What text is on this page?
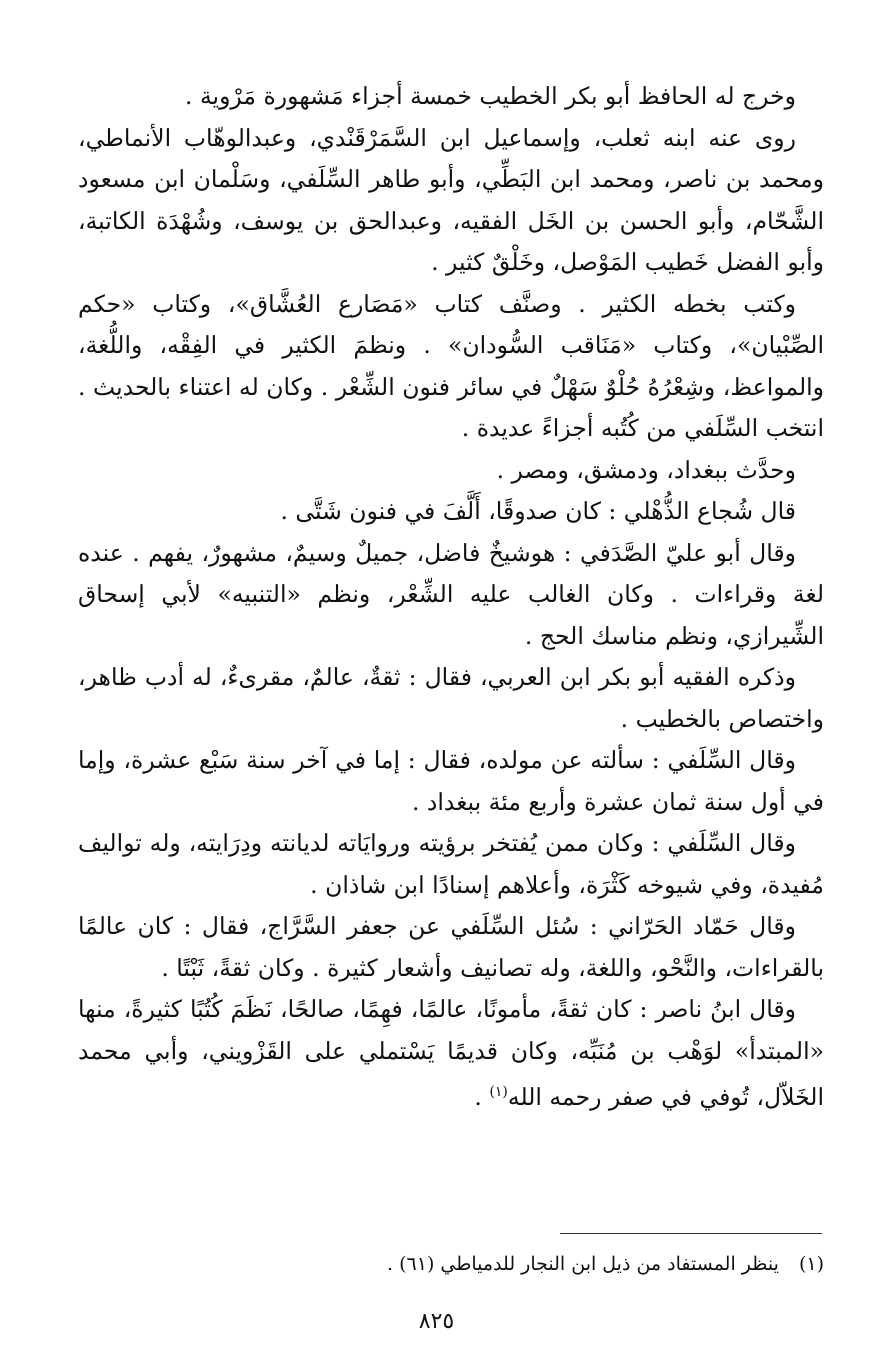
وخرج له الحافظ أبو بكر الخطيب خمسة أجزاء مَشهورة مَرْوية .

روى عنه ابنه ثعلب، وإسماعيل ابن السَّمَرْقَنْدي، وعبدالوهّاب الأنماطي، ومحمد بن ناصر، ومحمد ابن البَطِّي، وأبو طاهر السِّلَفي، وسَلْمان ابن مسعود الشَّحّام، وأبو الحسن بن الخَل الفقيه، وعبدالحق بن يوسف، وشُهْدَة الكاتبة، وأبو الفضل خَطيب المَوْصل، وخَلْقٌ كثير .

وكتب بخطه الكثير . وصنَّف كتاب «مَصَارع العُشَّاق»، وكتاب «حكم الصِّبْيان»، وكتاب «مَنَاقب السُّودان» . ونظمَ الكثير في الفِقْه، واللُّغة، والمواعظ، وشِعْرُهُ حُلْوٌ سَهْلٌ في سائر فنون الشِّعْر . وكان له اعتناء بالحديث . انتخب السِّلَفي من كُتُبه أجزاءً عديدة .

وحدَّث ببغداد، ودمشق، ومصر .

قال شُجاع الذُّهْلي : كان صدوقًا، أَلَّفَ في فنون شَتَّى .

وقال أبو عليّ الصَّدَفي : هوشيخٌ فاضل، جميلٌ وسيمٌ، مشهورٌ، يفهم . عنده لغة وقراءات . وكان الغالب عليه الشِّعْر، ونظم «التنبيه» لأبي إسحاق الشِّيرازي، ونظم مناسك الحج .

وذكره الفقيه أبو بكر ابن العربي، فقال : ثقةٌ، عالمٌ، مقرىءٌ، له أدب ظاهر، واختصاص بالخطيب .

وقال السِّلَفي : سألته عن مولده، فقال : إما في آخر سنة سَبْع عشرة، وإما في أول سنة ثمان عشرة وأربع مئة ببغداد .

وقال السِّلَفي : وكان ممن يُفتخر برؤيته وروايَاته لديانته ودِرَايته، وله تواليف مُفيدة، وفي شيوخه كَثْرَة، وأعلاهم إسنادًا ابن شاذان .

وقال حَمّاد الحَرّاني : سُئل السِّلَفي عن جعفر السَّرَّاج، فقال : كان عالمًا بالقراءات، والنَّحْو، واللغة، وله تصانيف وأشعار كثيرة . وكان ثقةً، ثَبْتًا .

وقال ابنُ ناصر : كان ثقةً، مأمونًا، عالمًا، فهِمًا، صالحًا، نَظَمَ كُتُبًا كثيرةً، منها «المبتدأ» لوَهْب بن مُنَبِّه، وكان قديمًا يَسْتملي على القَزْويني، وأبي محمد الخَلاّل، تُوفي في صفر رحمه الله$^{(١)}$ .

(١) ينظر المستفاد من ذيل ابن النجار للدمياطي (٦١) .
٨٢٥
